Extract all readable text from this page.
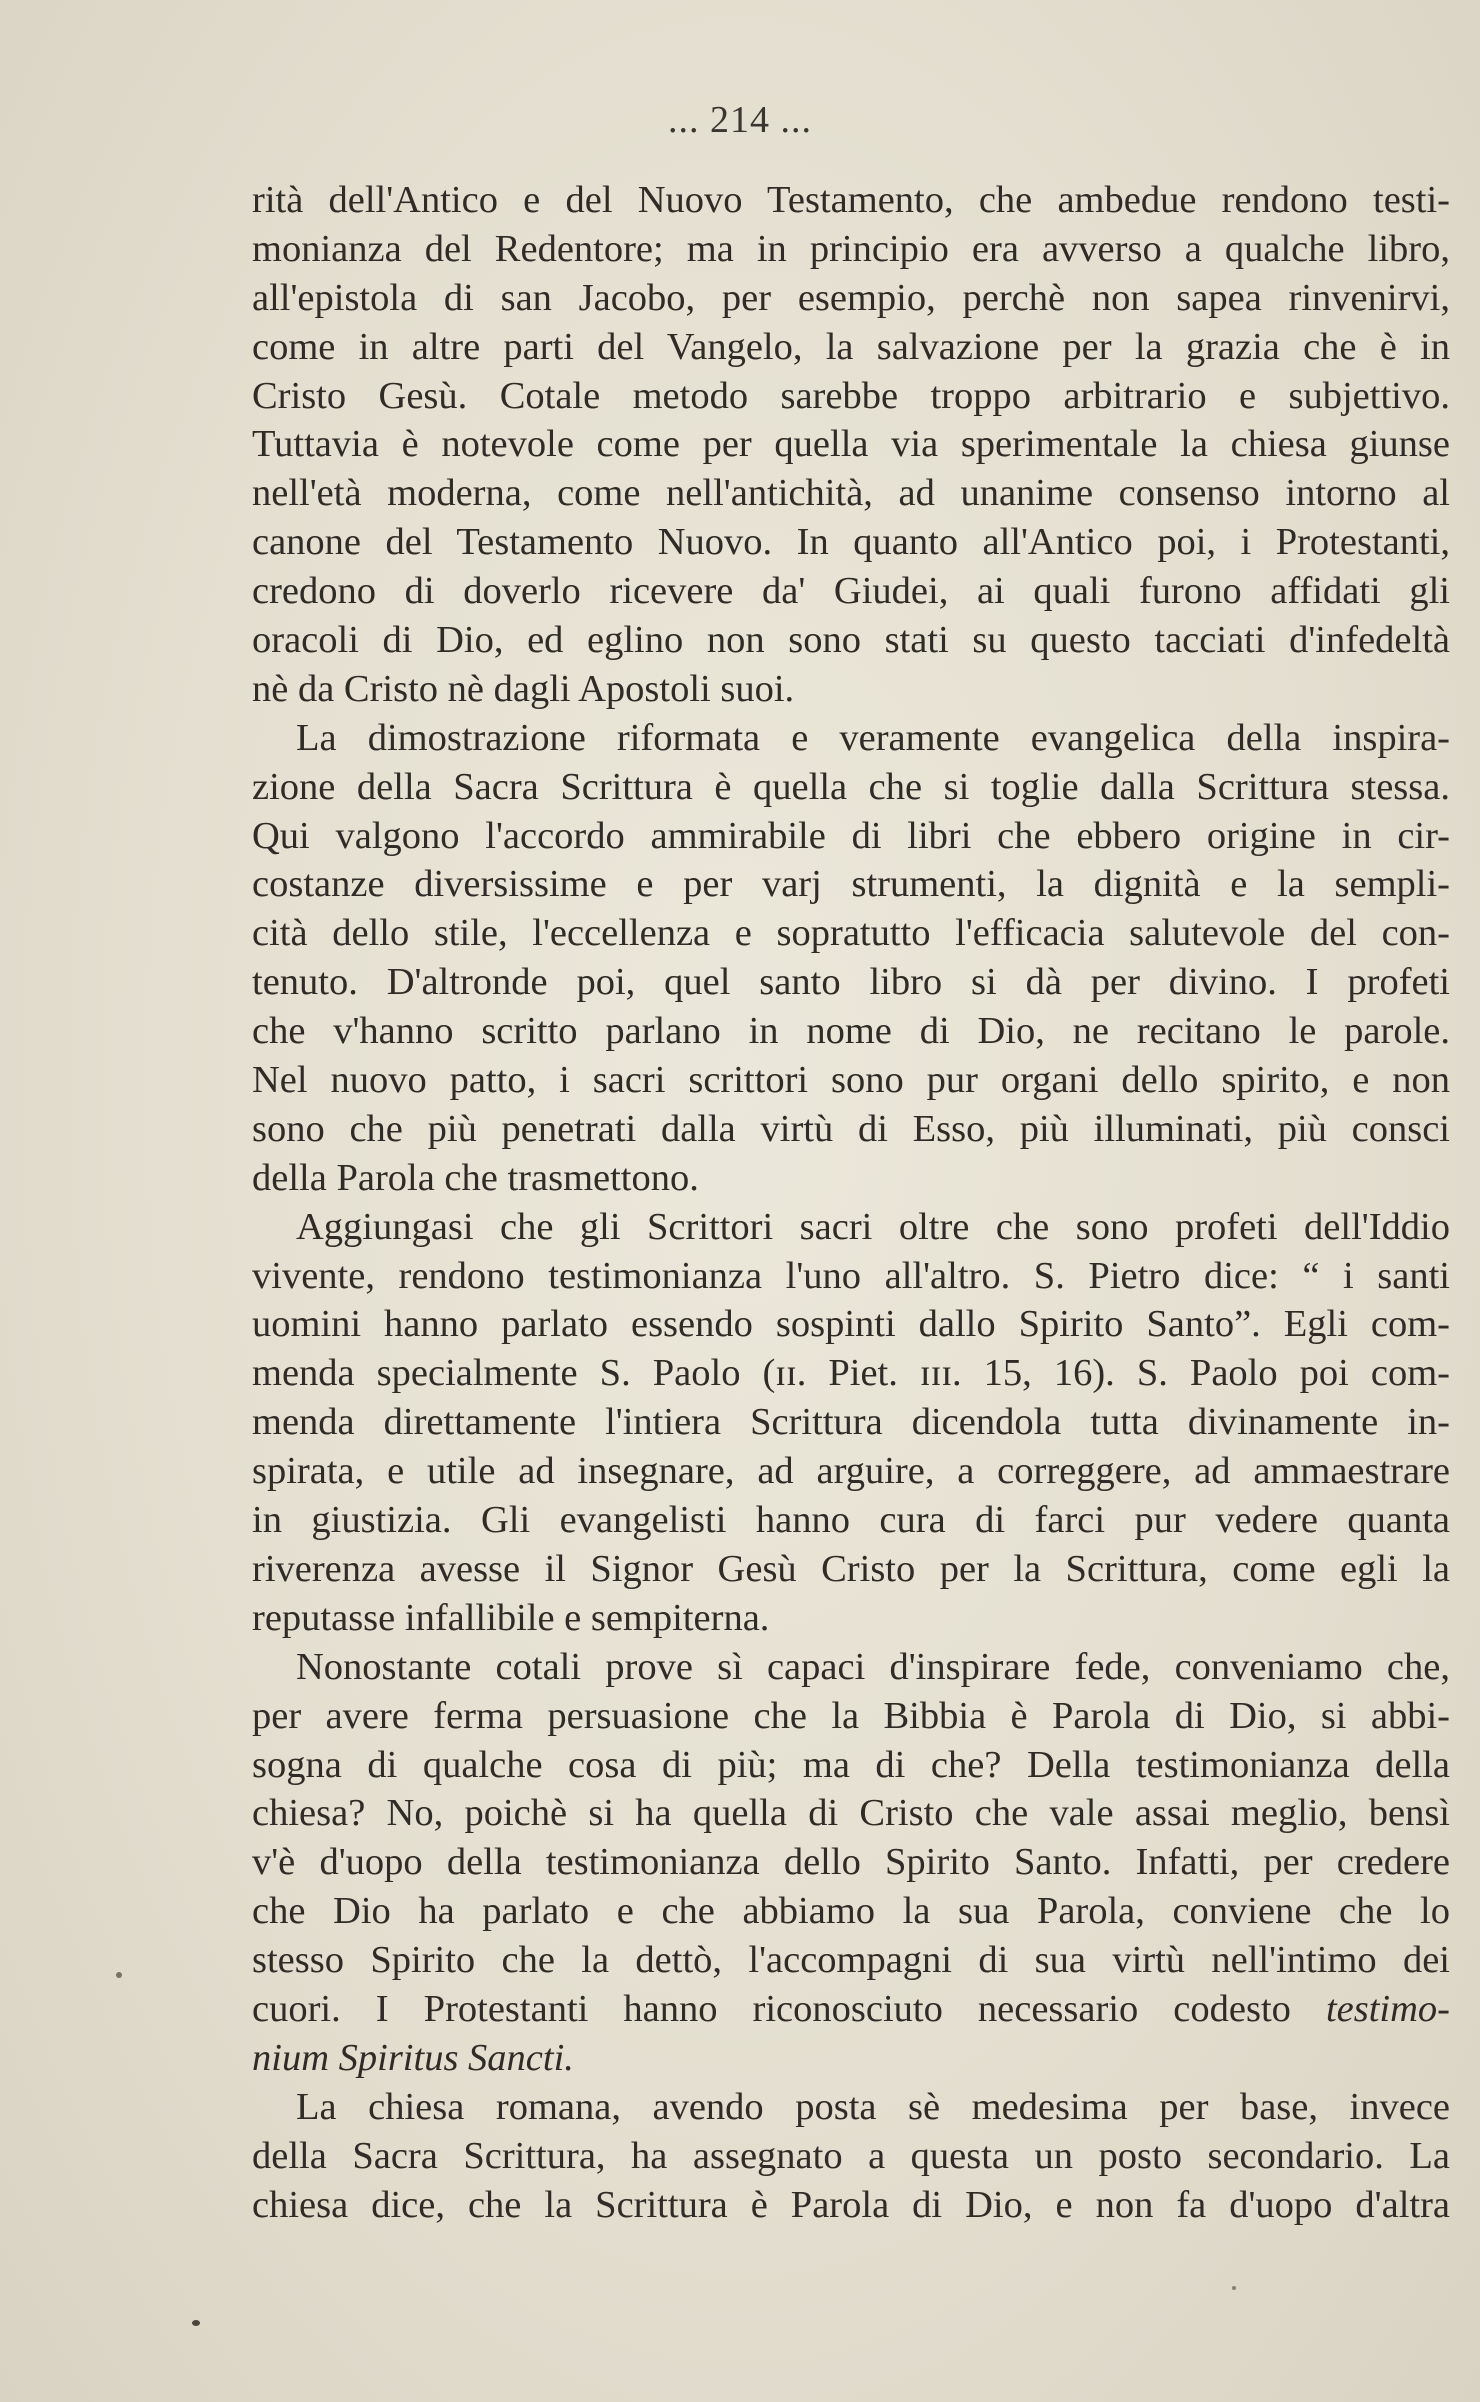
... 214 ...
rità dell'Antico e del Nuovo Testamento, che ambedue rendono testi-
monianza del Redentore; ma in principio era avverso a qualche libro,
all'epistola di san Jacobo, per esempio, perchè non sapea rinvenirvi,
come in altre parti del Vangelo, la salvazione per la grazia che è in
Cristo Gesù. Cotale metodo sarebbe troppo arbitrario e subjettivo.
Tuttavia è notevole come per quella via sperimentale la chiesa giunse
nell'età moderna, come nell'antichità, ad unanime consenso intorno al
canone del Testamento Nuovo. In quanto all'Antico poi, i Protestanti,
credono di doverlo ricevere da' Giudei, ai quali furono affidati gli
oracoli di Dio, ed eglino non sono stati su questo tacciati d'infedeltà
nè da Cristo nè dagli Apostoli suoi.
La dimostrazione riformata e veramente evangelica della inspira-
zione della Sacra Scrittura è quella che si toglie dalla Scrittura stessa.
Qui valgono l'accordo ammirabile di libri che ebbero origine in cir-
costanze diversissime e per varj strumenti, la dignità e la sempli-
cità dello stile, l'eccellenza e sopratutto l'efficacia salutevole del con-
tenuto. D'altronde poi, quel santo libro si dà per divino. I profeti
che v'hanno scritto parlano in nome di Dio, ne recitano le parole.
Nel nuovo patto, i sacri scrittori sono pur organi dello spirito, e non
sono che più penetrati dalla virtù di Esso, più illuminati, più consci
della Parola che trasmettono.
Aggiungasi che gli Scrittori sacri oltre che sono profeti dell'Iddio
vivente, rendono testimonianza l'uno all'altro. S. Pietro dice: “ i santi
uomini hanno parlato essendo sospinti dallo Spirito Santo”. Egli com-
menda specialmente S. Paolo (ɪɪ. Piet. ɪɪɪ. 15, 16). S. Paolo poi com-
menda direttamente l'intiera Scrittura dicendola tutta divinamente in-
spirata, e utile ad insegnare, ad arguire, a correggere, ad ammaestrare
in giustizia. Gli evangelisti hanno cura di farci pur vedere quanta
riverenza avesse il Signor Gesù Cristo per la Scrittura, come egli la
reputasse infallibile e sempiterna.
Nonostante cotali prove sì capaci d'inspirare fede, conveniamo che,
per avere ferma persuasione che la Bibbia è Parola di Dio, si abbi-
sogna di qualche cosa di più; ma di che? Della testimonianza della
chiesa? No, poichè si ha quella di Cristo che vale assai meglio, bensì
v'è d'uopo della testimonianza dello Spirito Santo. Infatti, per credere
che Dio ha parlato e che abbiamo la sua Parola, conviene che lo
stesso Spirito che la dettò, l'accompagni di sua virtù nell'intimo dei
cuori. I Protestanti hanno riconosciuto necessario codesto testimo-
nium Spiritus Sancti.
La chiesa romana, avendo posta sè medesima per base, invece
della Sacra Scrittura, ha assegnato a questa un posto secondario. La
chiesa dice, che la Scrittura è Parola di Dio, e non fa d'uopo d'altra
